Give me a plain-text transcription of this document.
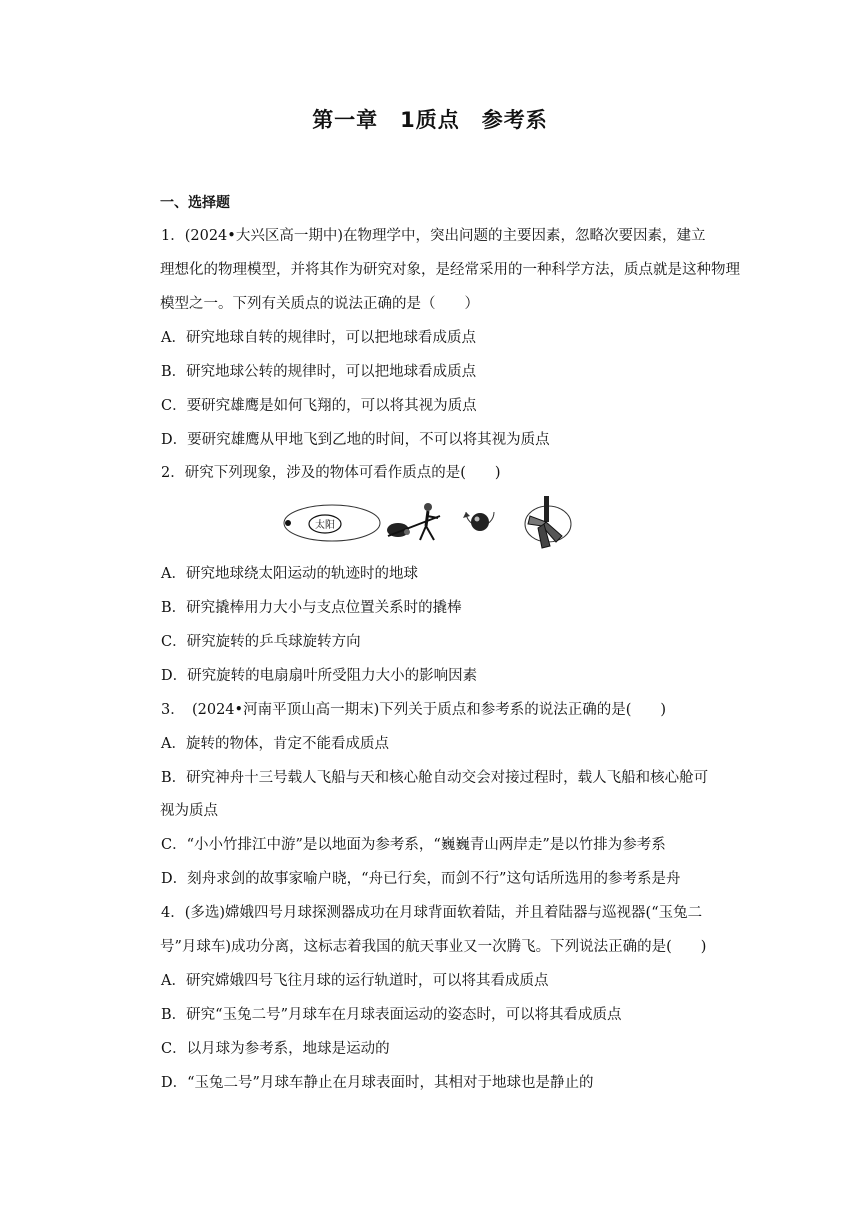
第一章　1质点　参考系
一、选择题
1．(2024•大兴区高一期中)在物理学中，突出问题的主要因素，忽略次要因素，建立
理想化的物理模型，并将其作为研究对象，是经常采用的一种科学方法，质点就是这种物理
模型之一。下列有关质点的说法正确的是（　　）
A．研究地球自转的规律时，可以把地球看成质点
B．研究地球公转的规律时，可以把地球看成质点
C．要研究雄鹰是如何飞翔的，可以将其视为质点
D．要研究雄鹰从甲地飞到乙地的时间，不可以将其视为质点
2．研究下列现象，涉及的物体可看作质点的是(　　)
太阳
A．研究地球绕太阳运动的轨迹时的地球
B．研究撬棒用力大小与支点位置关系时的撬棒
C．研究旋转的乒乓球旋转方向
D．研究旋转的电扇扇叶所受阻力大小的影响因素
3．　(2024•河南平顶山高一期末)下列关于质点和参考系的说法正确的是(　　)
A．旋转的物体，肯定不能看成质点
B．研究神舟十三号载人飞船与天和核心舱自动交会对接过程时，载人飞船和核心舱可
视为质点
C．“小小竹排江中游”是以地面为参考系，“巍巍青山两岸走”是以竹排为参考系
D．刻舟求剑的故事家喻户晓，“舟已行矣，而剑不行”这句话所选用的参考系是舟
4．(多选)嫦娥四号月球探测器成功在月球背面软着陆，并且着陆器与巡视器(“玉兔二
号”月球车)成功分离，这标志着我国的航天事业又一次腾飞。下列说法正确的是(　　)
A．研究嫦娥四号飞往月球的运行轨道时，可以将其看成质点
B．研究“玉兔二号”月球车在月球表面运动的姿态时，可以将其看成质点
C．以月球为参考系，地球是运动的
D．“玉兔二号”月球车静止在月球表面时，其相对于地球也是静止的
